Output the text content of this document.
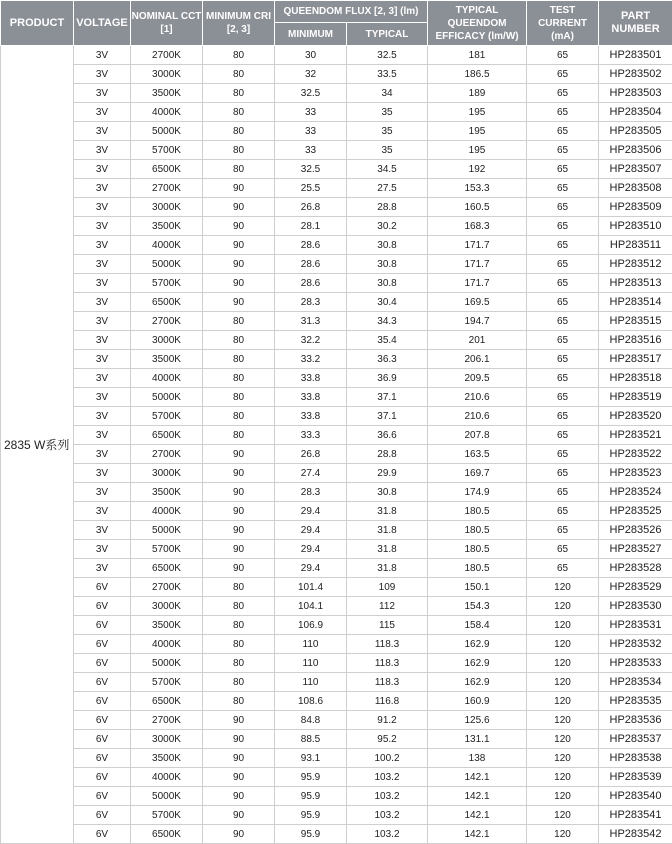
PRODUCT	VOLTAGE	NOMINAL CCT [1]	MINIMUM CRI [2, 3]	QUEENDOM FLUX [2, 3] (lm)		TYPICAL QUEENDOM EFFICACY (lm/W)	TEST CURRENT (mA)	PART NUMBER
				MINIMUM	TYPICAL			
2835 W系列	3V	2700K	80	30	32.5	181	65	HP283501
	3V	3000K	80	32	33.5	186.5	65	HP283502
	3V	3500K	80	32.5	34	189	65	HP283503
	3V	4000K	80	33	35	195	65	HP283504
	3V	5000K	80	33	35	195	65	HP283505
	3V	5700K	80	33	35	195	65	HP283506
	3V	6500K	80	32.5	34.5	192	65	HP283507
	3V	2700K	90	25.5	27.5	153.3	65	HP283508
	3V	3000K	90	26.8	28.8	160.5	65	HP283509
	3V	3500K	90	28.1	30.2	168.3	65	HP283510
	3V	4000K	90	28.6	30.8	171.7	65	HP283511
	3V	5000K	90	28.6	30.8	171.7	65	HP283512
	3V	5700K	90	28.6	30.8	171.7	65	HP283513
	3V	6500K	90	28.3	30.4	169.5	65	HP283514
	3V	2700K	80	31.3	34.3	194.7	65	HP283515
	3V	3000K	80	32.2	35.4	201	65	HP283516
	3V	3500K	80	33.2	36.3	206.1	65	HP283517
	3V	4000K	80	33.8	36.9	209.5	65	HP283518
	3V	5000K	80	33.8	37.1	210.6	65	HP283519
	3V	5700K	80	33.8	37.1	210.6	65	HP283520
	3V	6500K	80	33.3	36.6	207.8	65	HP283521
	3V	2700K	90	26.8	28.8	163.5	65	HP283522
	3V	3000K	90	27.4	29.9	169.7	65	HP283523
	3V	3500K	90	28.3	30.8	174.9	65	HP283524
	3V	4000K	90	29.4	31.8	180.5	65	HP283525
	3V	5000K	90	29.4	31.8	180.5	65	HP283526
	3V	5700K	90	29.4	31.8	180.5	65	HP283527
	3V	6500K	90	29.4	31.8	180.5	65	HP283528
	6V	2700K	80	101.4	109	150.1	120	HP283529
	6V	3000K	80	104.1	112	154.3	120	HP283530
	6V	3500K	80	106.9	115	158.4	120	HP283531
	6V	4000K	80	110	118.3	162.9	120	HP283532
	6V	5000K	80	110	118.3	162.9	120	HP283533
	6V	5700K	80	110	118.3	162.9	120	HP283534
	6V	6500K	80	108.6	116.8	160.9	120	HP283535
	6V	2700K	90	84.8	91.2	125.6	120	HP283536
	6V	3000K	90	88.5	95.2	131.1	120	HP283537
	6V	3500K	90	93.1	100.2	138	120	HP283538
	6V	4000K	90	95.9	103.2	142.1	120	HP283539
	6V	5000K	90	95.9	103.2	142.1	120	HP283540
	6V	5700K	90	95.9	103.2	142.1	120	HP283541
	6V	6500K	90	95.9	103.2	142.1	120	HP283542
